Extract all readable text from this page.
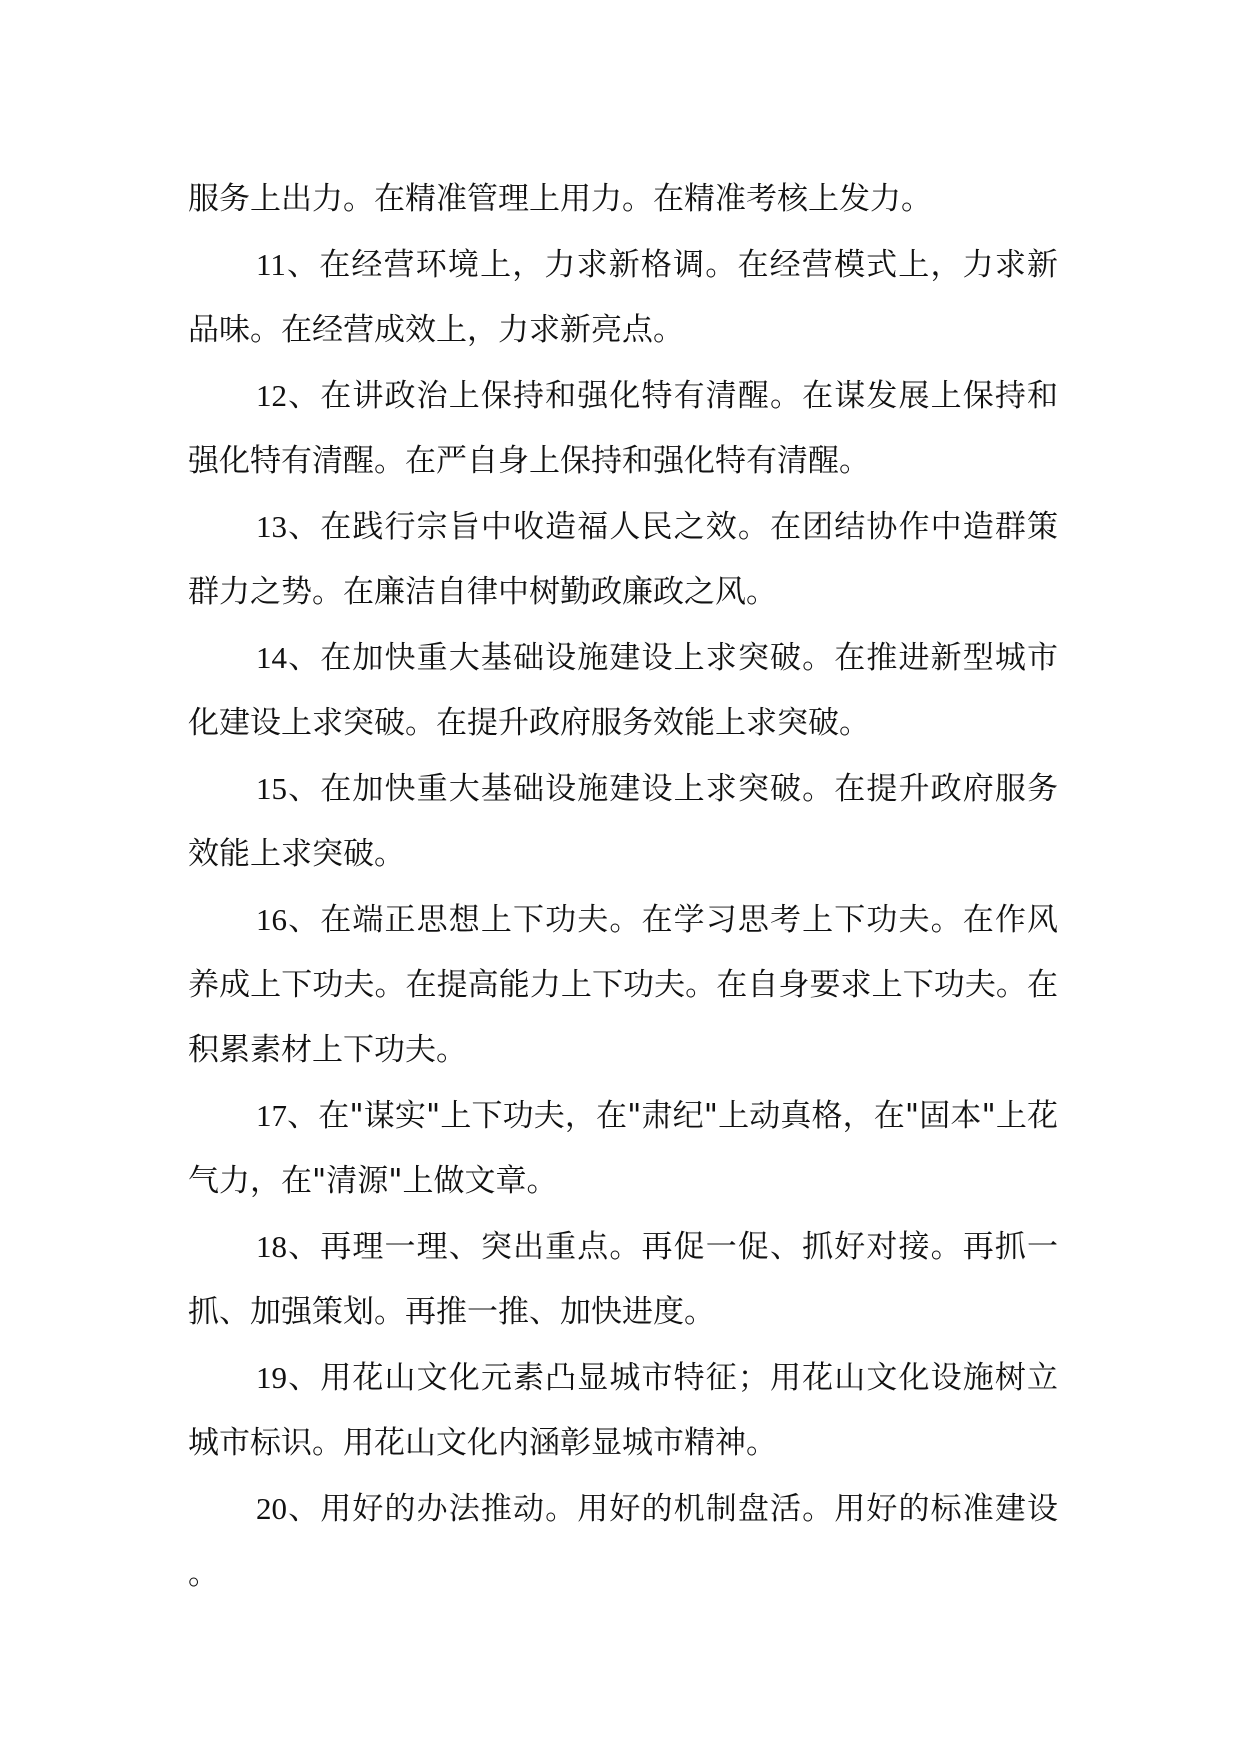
服务上出力。在精准管理上用力。在精准考核上发力。

11、在经营环境上，力求新格调。在经营模式上，力求新品味。在经营成效上，力求新亮点。

12、在讲政治上保持和强化特有清醒。在谋发展上保持和强化特有清醒。在严自身上保持和强化特有清醒。

13、在践行宗旨中收造福人民之效。在团结协作中造群策群力之势。在廉洁自律中树勤政廉政之风。

14、在加快重大基础设施建设上求突破。在推进新型城市化建设上求突破。在提升政府服务效能上求突破。

15、在加快重大基础设施建设上求突破。在提升政府服务效能上求突破。

16、在端正思想上下功夫。在学习思考上下功夫。在作风养成上下功夫。在提高能力上下功夫。在自身要求上下功夫。在积累素材上下功夫。

17、在"谋实"上下功夫，在"肃纪"上动真格，在"固本"上花气力，在"清源"上做文章。

18、再理一理、突出重点。再促一促、抓好对接。再抓一抓、加强策划。再推一推、加快进度。

19、用花山文化元素凸显城市特征；用花山文化设施树立城市标识。用花山文化内涵彰显城市精神。

20、用好的办法推动。用好的机制盘活。用好的标准建设。
